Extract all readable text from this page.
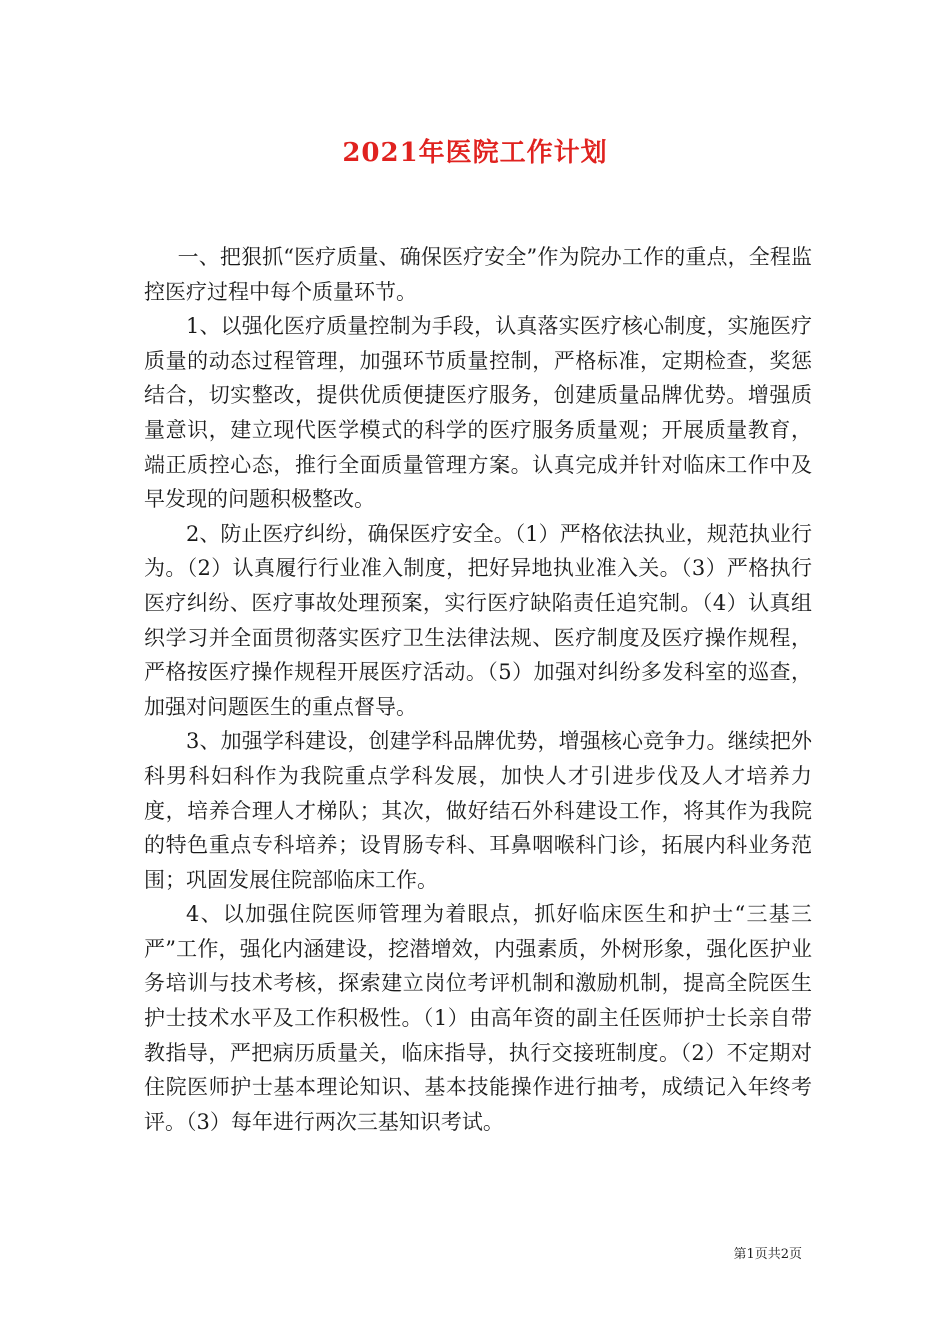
2021年医院工作计划

一、把狠抓“医疗质量、确保医疗安全”作为院办工作的重点，全程监控医疗过程中每个质量环节。

1、以强化医疗质量控制为手段，认真落实医疗核心制度，实施医疗质量的动态过程管理，加强环节质量控制，严格标准，定期检查，奖惩结合，切实整改，提供优质便捷医疗服务，创建质量品牌优势。增强质量意识，建立现代医学模式的科学的医疗服务质量观；开展质量教育，端正质控心态，推行全面质量管理方案。认真完成并针对临床工作中及早发现的问题积极整改。

2、防止医疗纠纷，确保医疗安全。（1）严格依法执业，规范执业行为。（2）认真履行行业准入制度，把好异地执业准入关。（3）严格执行医疗纠纷、医疗事故处理预案，实行医疗缺陷责任追究制。（4）认真组织学习并全面贯彻落实医疗卫生法律法规、医疗制度及医疗操作规程，严格按医疗操作规程开展医疗活动。（5）加强对纠纷多发科室的巡查，加强对问题医生的重点督导。

3、加强学科建设，创建学科品牌优势，增强核心竞争力。继续把外科男科妇科作为我院重点学科发展，加快人才引进步伐及人才培养力度，培养合理人才梯队；其次，做好结石外科建设工作，将其作为我院的特色重点专科培养；设胃肠专科、耳鼻咽喉科门诊，拓展内科业务范围；巩固发展住院部临床工作。

4、以加强住院医师管理为着眼点，抓好临床医生和护士“三基三严”工作，强化内涵建设，挖潜增效，内强素质，外树形象，强化医护业务培训与技术考核，探索建立岗位考评机制和激励机制，提高全院医生护士技术水平及工作积极性。（1）由高年资的副主任医师护士长亲自带教指导，严把病历质量关，临床指导，执行交接班制度。（2）不定期对住院医师护士基本理论知识、基本技能操作进行抽考，成绩记入年终考评。（3）每年进行两次三基知识考试。

第1页共2页
